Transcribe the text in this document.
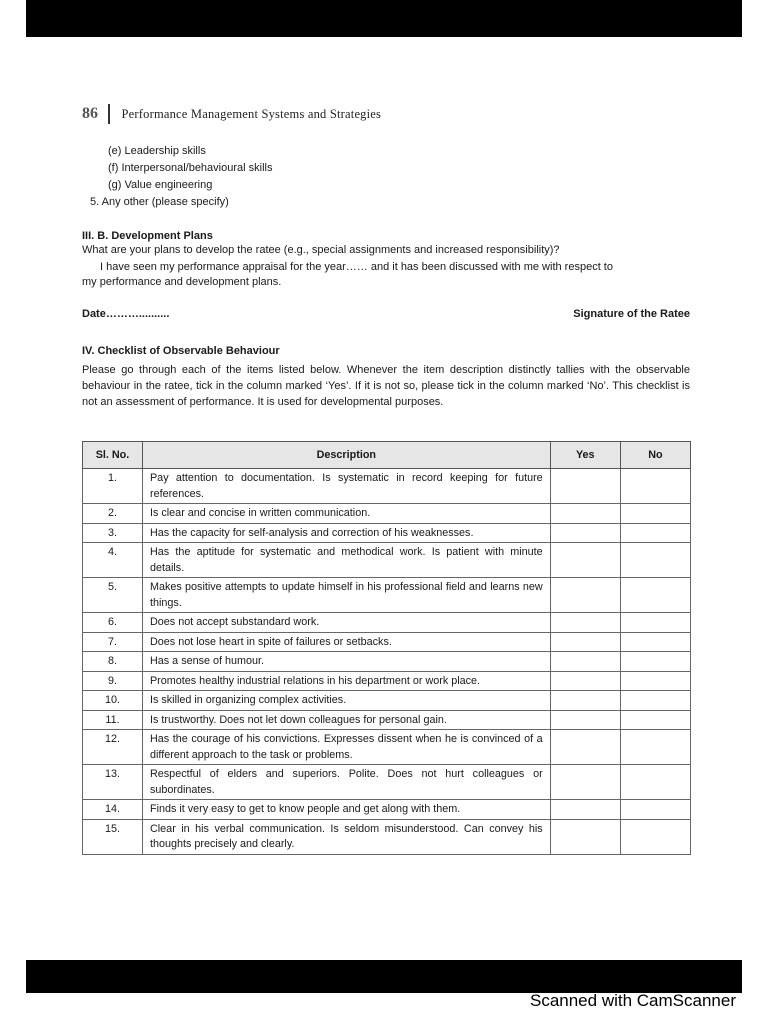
86 Performance Management Systems and Strategies
(e) Leadership skills
(f) Interpersonal/behavioural skills
(g) Value engineering
5. Any other (please specify)
III. B. Development Plans
What are your plans to develop the ratee (e.g., special assignments and increased responsibility)?
I have seen my performance appraisal for the year…… and it has been discussed with me with respect to
my performance and development plans.
Date………..........	Signature of the Ratee
IV. Checklist of Observable Behaviour
Please go through each of the items listed below. Whenever the item description distinctly tallies with the observable behaviour in the ratee, tick in the column marked ‘Yes’. If it is not so, please tick in the column marked ‘No’. This checklist is not an assessment of performance. It is used for developmental purposes.
Sl. No.	Description	Yes	No
1.	Pay attention to documentation. Is systematic in record keeping for future references.		
2.	Is clear and concise in written communication.		
3.	Has the capacity for self-analysis and correction of his weaknesses.		
4.	Has the aptitude for systematic and methodical work. Is patient with minute details.		
5.	Makes positive attempts to update himself in his professional field and learns new things.		
6.	Does not accept substandard work.		
7.	Does not lose heart in spite of failures or setbacks.		
8.	Has a sense of humour.		
9.	Promotes healthy industrial relations in his department or work place.		
10.	Is skilled in organizing complex activities.		
11.	Is trustworthy. Does not let down colleagues for personal gain.		
12.	Has the courage of his convictions. Expresses dissent when he is convinced of a different approach to the task or problems.		
13.	Respectful of elders and superiors. Polite. Does not hurt colleagues or subordinates.		
14.	Finds it very easy to get to know people and get along with them.		
15.	Clear in his verbal communication. Is seldom misunderstood. Can convey his thoughts precisely and clearly.		
Scanned with CamScanner
